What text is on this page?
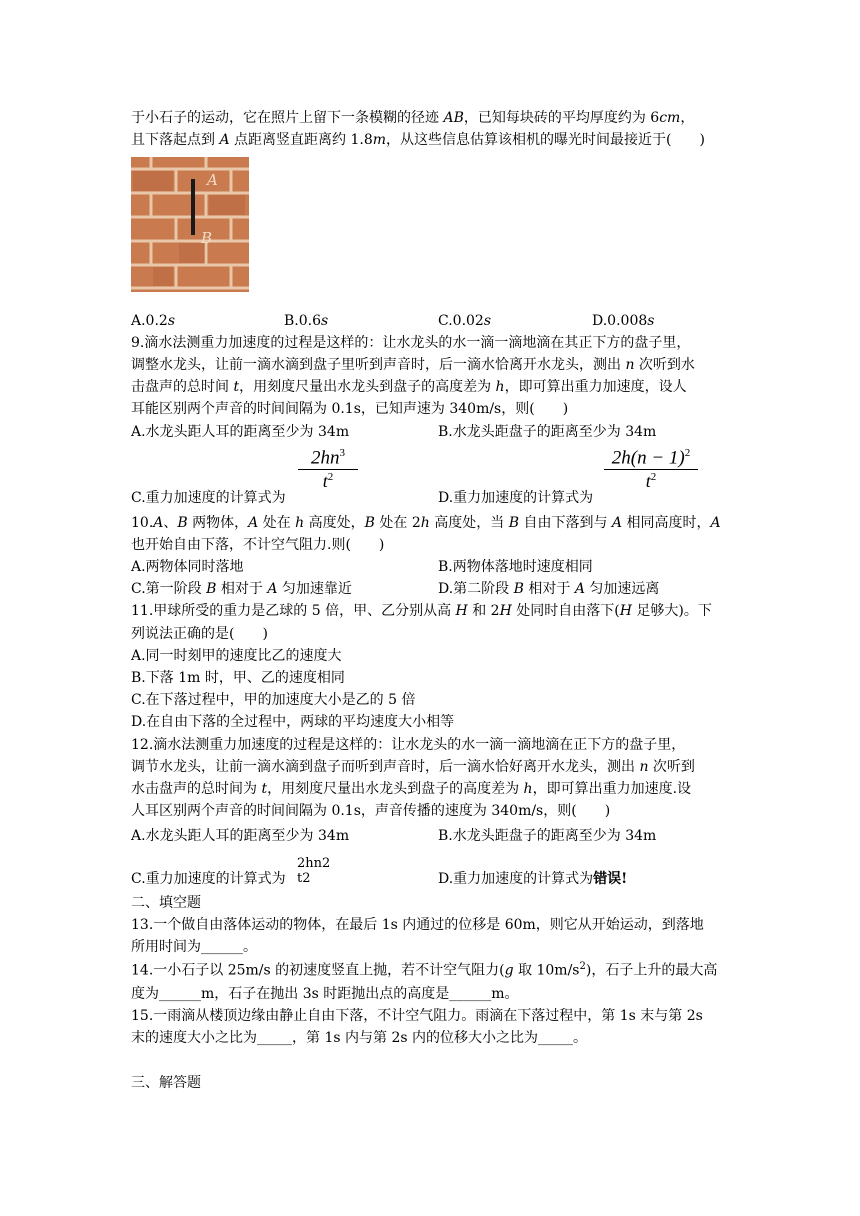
于小石子的运动，它在照片上留下一条模糊的径迹 AB，已知每块砖的平均厚度约为 6cm，
且下落起点到 A 点距离竖直距离约 1.8m，从这些信息估算该相机的曝光时间最接近于(　　)
A
B
A.0.2s	B.0.6s	C.0.02s	D.0.008s
9.滴水法测重力加速度的过程是这样的：让水龙头的水一滴一滴地滴在其正下方的盘子里，
调整水龙头，让前一滴水滴到盘子里听到声音时，后一滴水恰离开水龙头，测出 n 次听到水
击盘声的总时间 t，用刻度尺量出水龙头到盘子的高度差为 h，即可算出重力加速度，设人
耳能区别两个声音的时间间隔为 0.1s，已知声速为 340m/s，则(　　)
A.水龙头距人耳的距离至少为 34m	B.水龙头距盘子的距离至少为 34m
$2hn^3$
$t^2$
$2h(n - 1)^2$
$t^2$
C.重力加速度的计算式为	D.重力加速度的计算式为
10.A、B 两物体，A 处在 h 高度处，B 处在 2h 高度处，当 B 自由下落到与 A 相同高度时，A
也开始自由下落，不计空气阻力.则(　　)
A.两物体同时落地	B.两物体落地时速度相同
C.第一阶段 B 相对于 A 匀加速靠近	D.第二阶段 B 相对于 A 匀加速远离
11.甲球所受的重力是乙球的 5 倍，甲、乙分别从高 H 和 2H 处同时自由落下(H 足够大)。下
列说法正确的是(　　)
A.同一时刻甲的速度比乙的速度大
B.下落 1m 时，甲、乙的速度相同
C.在下落过程中，甲的加速度大小是乙的 5 倍
D.在自由下落的全过程中，两球的平均速度大小相等
12.滴水法测重力加速度的过程是这样的：让水龙头的水一滴一滴地滴在正下方的盘子里，
调节水龙头，让前一滴水滴到盘子而听到声音时，后一滴水恰好离开水龙头，测出 n 次听到
水击盘声的总时间为 t，用刻度尺量出水龙头到盘子的高度差为 h，即可算出重力加速度.设
人耳区别两个声音的时间间隔为 0.1s，声音传播的速度为 340m/s，则(　　)
A.水龙头距人耳的距离至少为 34m	B.水龙头距盘子的距离至少为 34m
2hn2
t2
C.重力加速度的计算式为	D.重力加速度的计算式为错误!
二、填空题
13.一个做自由落体运动的物体，在最后 1s 内通过的位移是 60m，则它从开始运动，到落地
所用时间为______。
14.一小石子以 25m/s 的初速度竖直上抛，若不计空气阻力(g 取 $10m/s^2$)，石子上升的最大高
度为______m，石子在抛出 3s 时距抛出点的高度是______m。
15.一雨滴从楼顶边缘由静止自由下落，不计空气阻力。雨滴在下落过程中，第 1s 末与第 2s
末的速度大小之比为_____，第 1s 内与第 2s 内的位移大小之比为_____。
三、解答题
